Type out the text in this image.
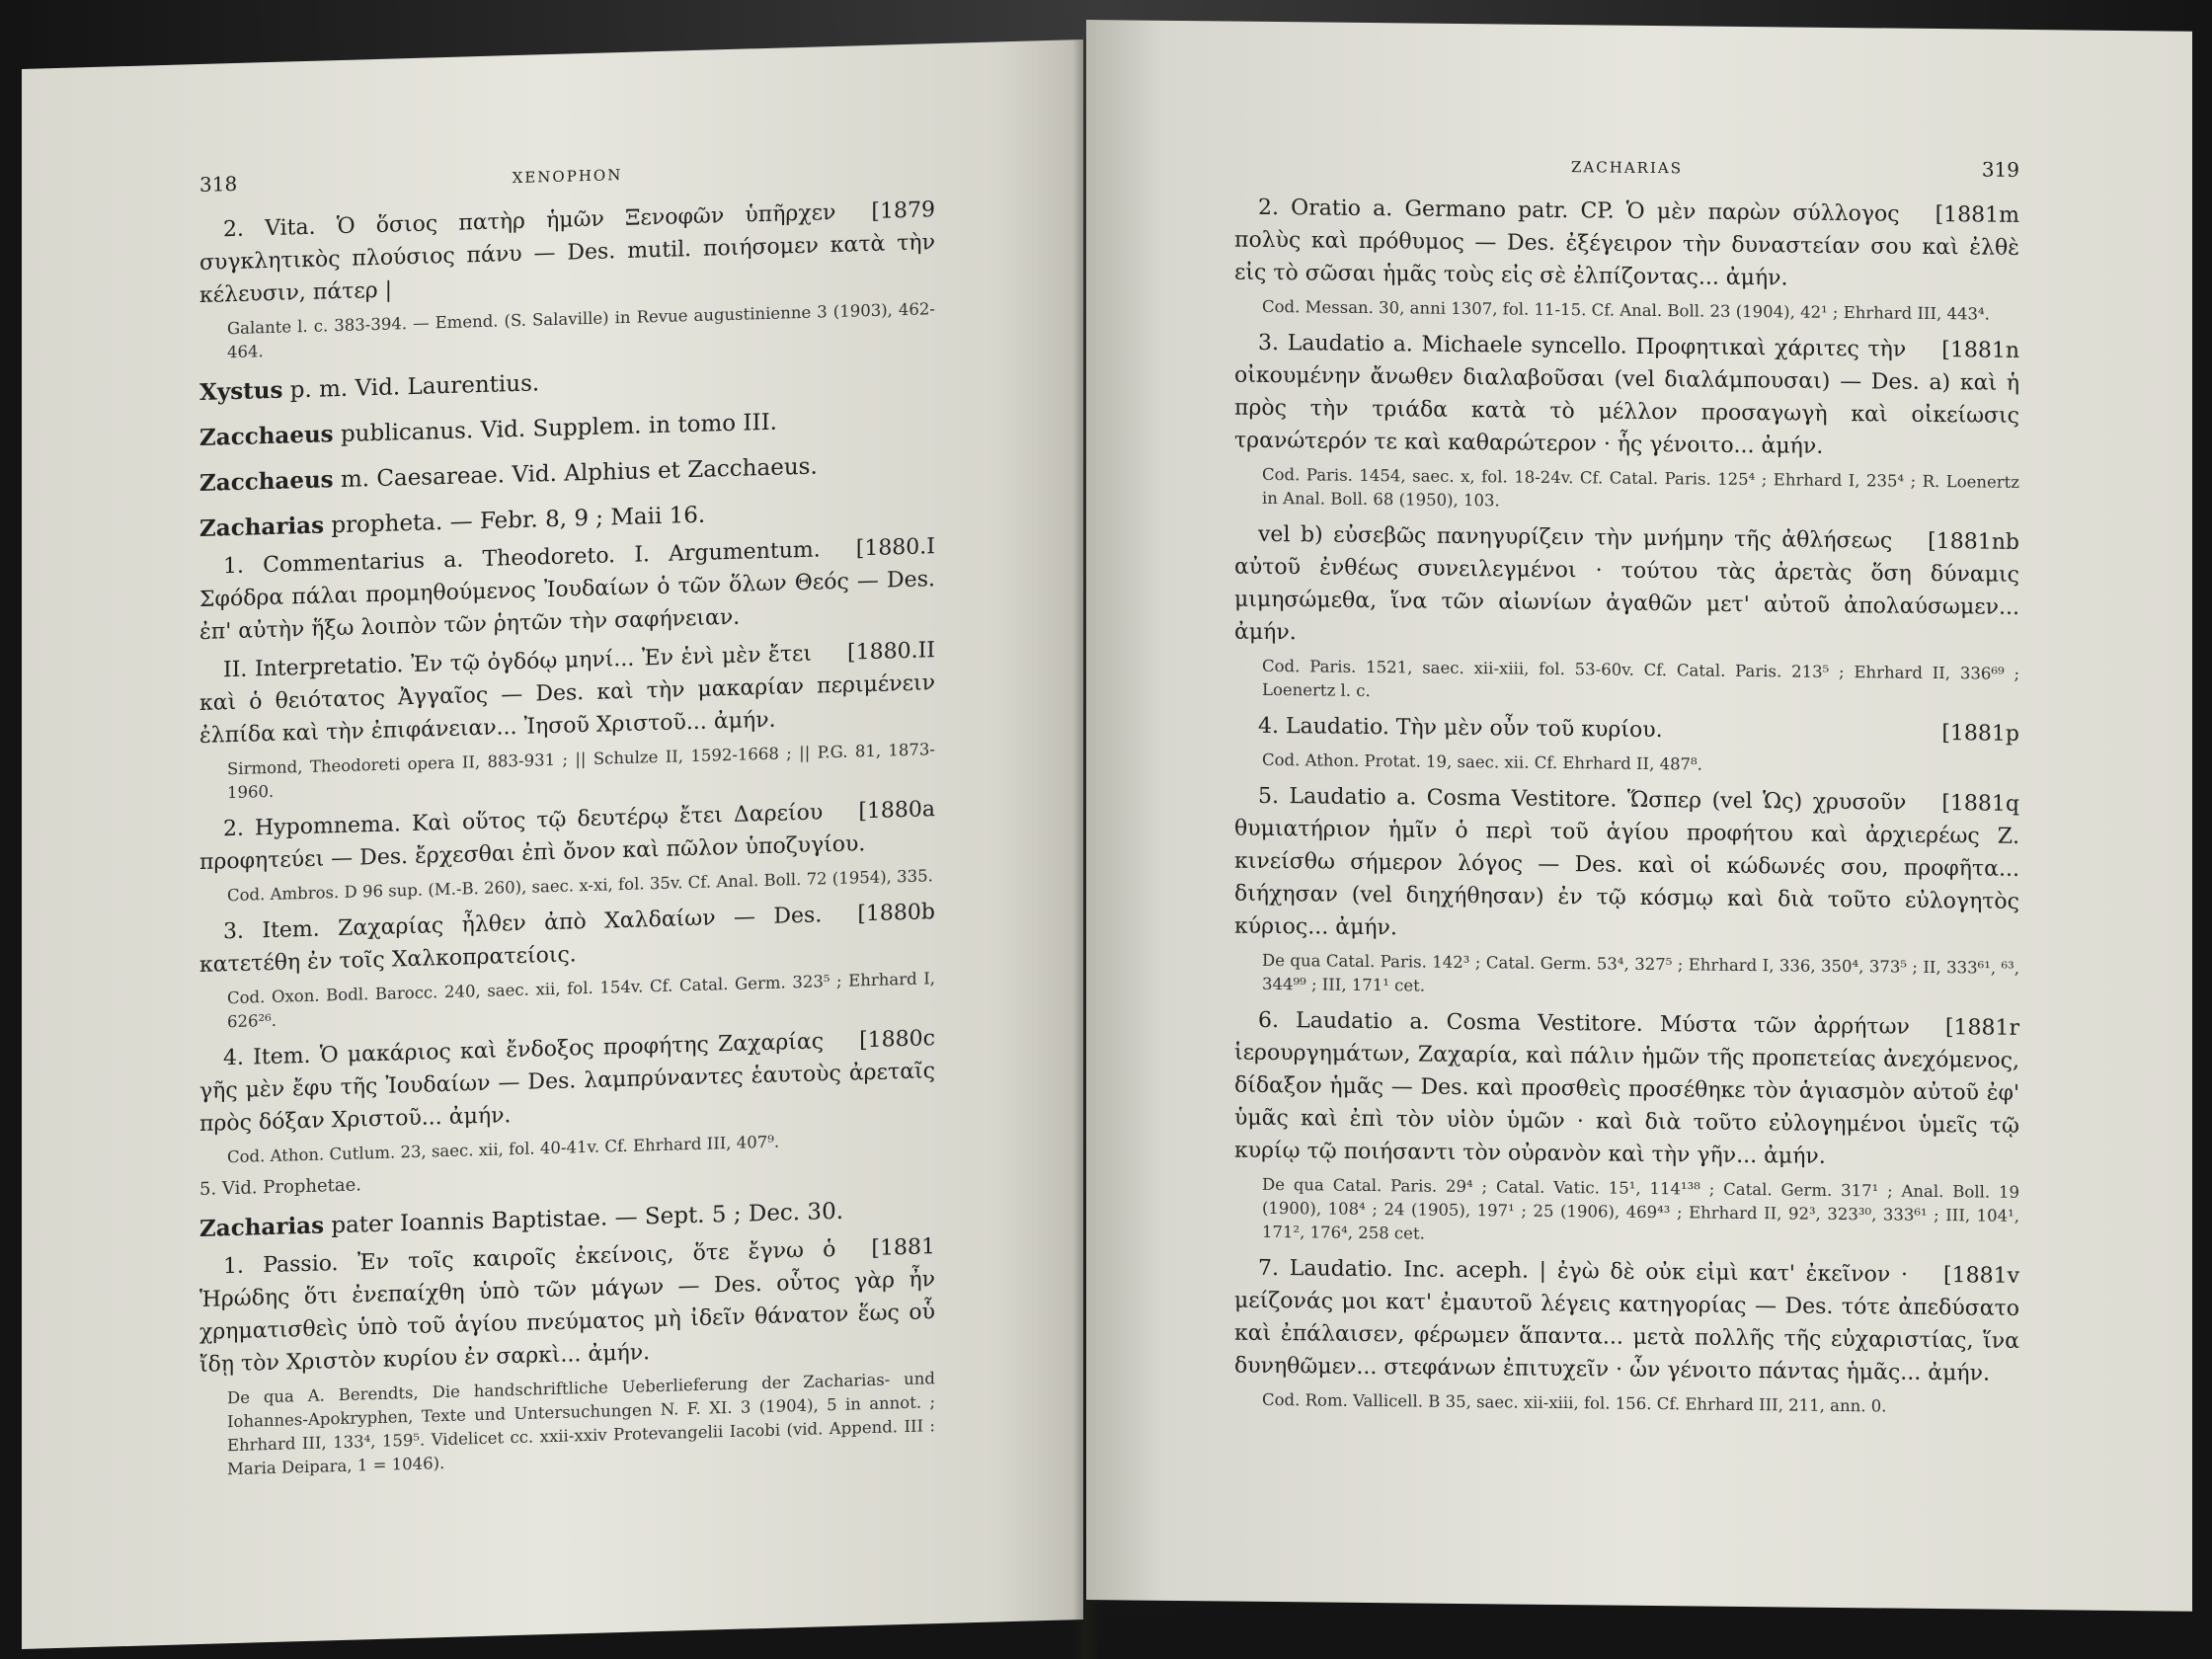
318	XENOPHON
[1879
2. Vita. Ὁ ὅσιος πατὴρ ἡμῶν Ξενοφῶν ὑπῆρχεν συγκλητικὸς πλούσιος πάνυ — Des. mutil. ποιήσομεν κατὰ τὴν κέλευσιν, πάτερ |
Galante l. c. 383-394. — Emend. (S. Salaville) in Revue augustinienne 3 (1903), 462-464.
Xystus p. m. Vid. Laurentius.
Zacchaeus publicanus. Vid. Supplem. in tomo III.
Zacchaeus m. Caesareae. Vid. Alphius et Zacchaeus.
Zacharias propheta. — Febr. 8, 9 ; Maii 16.
[1880.I
1. Commentarius a. Theodoreto. I. Argumentum. Σφόδρα πάλαι προμηθούμενος Ἰουδαίων ὁ τῶν ὅλων Θεός — Des. ἐπ' αὐτὴν ἥξω λοιπὸν τῶν ῥητῶν τὴν σαφήνειαν.
[1880.II
II. Interpretatio. Ἐν τῷ ὀγδόῳ μηνί... Ἐν ἑνὶ μὲν ἔτει καὶ ὁ θειότατος Ἀγγαῖος — Des. καὶ τὴν μακαρίαν περιμένειν ἐλπίδα καὶ τὴν ἐπιφάνειαν... Ἰησοῦ Χριστοῦ... ἀμήν.
Sirmond, Theodoreti opera II, 883-931 ; || Schulze II, 1592-1668 ; || P.G. 81, 1873-1960.
[1880a
2. Hypomnema. Καὶ οὕτος τῷ δευτέρῳ ἔτει Δαρείου προφητεύει — Des. ἔρχεσθαι ἐπὶ ὄνον καὶ πῶλον ὑποζυγίου.
Cod. Ambros. D 96 sup. (M.-B. 260), saec. x-xi, fol. 35v. Cf. Anal. Boll. 72 (1954), 335.
[1880b
3. Item. Ζαχαρίας ἦλθεν ἀπὸ Χαλδαίων — Des. κατετέθη ἐν τοῖς Χαλκοπρατείοις.
Cod. Oxon. Bodl. Barocc. 240, saec. xii, fol. 154v. Cf. Catal. Germ. 323⁵ ; Ehrhard I, 626²⁶.
[1880c
4. Item. Ὁ μακάριος καὶ ἔνδοξος προφήτης Ζαχαρίας γῆς μὲν ἔφυ τῆς Ἰουδαίων — Des. λαμπρύναντες ἑαυτοὺς ἀρεταῖς πρὸς δόξαν Χριστοῦ... ἀμήν.
Cod. Athon. Cutlum. 23, saec. xii, fol. 40-41v. Cf. Ehrhard III, 407⁹.
5. Vid. Prophetae.
Zacharias pater Ioannis Baptistae. — Sept. 5 ; Dec. 30.
[1881
1. Passio. Ἐν τοῖς καιροῖς ἐκείνοις, ὅτε ἔγνω ὁ Ἡρώδης ὅτι ἐνεπαίχθη ὑπὸ τῶν μάγων — Des. οὗτος γὰρ ἦν χρηματισθεὶς ὑπὸ τοῦ ἁγίου πνεύματος μὴ ἰδεῖν θάνατον ἕως οὗ ἴδῃ τὸν Χριστὸν κυρίου ἐν σαρκὶ... ἀμήν.
De qua A. Berendts, Die handschriftliche Ueberlieferung der Zacharias- und Iohannes-Apokryphen, Texte und Untersuchungen N. F. XI. 3 (1904), 5 in annot. ; Ehrhard III, 133⁴, 159⁵. Videlicet cc. xxii-xxiv Protevangelii Iacobi (vid. Append. III : Maria Deipara, 1 = 1046).
ZACHARIAS	319
[1881m
2. Oratio a. Germano patr. CP. Ὁ μὲν παρὼν σύλλογος πολὺς καὶ πρόθυμος — Des. ἐξέγειρον τὴν δυναστείαν σου καὶ ἐλθὲ εἰς τὸ σῶσαι ἡμᾶς τοὺς εἰς σὲ ἐλπίζοντας... ἀμήν.
Cod. Messan. 30, anni 1307, fol. 11-15. Cf. Anal. Boll. 23 (1904), 42¹ ; Ehrhard III, 443⁴.
[1881n
3. Laudatio a. Michaele syncello. Προφητικαὶ χάριτες τὴν οἰκουμένην ἄνωθεν διαλαβοῦσαι (vel διαλάμπουσαι) — Des. a) καὶ ἡ πρὸς τὴν τριάδα κατὰ τὸ μέλλον προσαγωγὴ καὶ οἰκείωσις τρανώτερόν τε καὶ καθαρώτερον · ἧς γένοιτο... ἀμήν.
Cod. Paris. 1454, saec. x, fol. 18-24v. Cf. Catal. Paris. 125⁴ ; Ehrhard I, 235⁴ ; R. Loenertz in Anal. Boll. 68 (1950), 103.
[1881nb
vel b) εὐσεβῶς πανηγυρίζειν τὴν μνήμην τῆς ἀθλήσεως αὐτοῦ ἐνθέως συνειλεγμένοι · τούτου τὰς ἀρετὰς ὅση δύναμις μιμησώμεθα, ἵνα τῶν αἰωνίων ἀγαθῶν μετ' αὐτοῦ ἀπολαύσωμεν... ἀμήν.
Cod. Paris. 1521, saec. xii-xiii, fol. 53-60v. Cf. Catal. Paris. 213⁵ ; Ehrhard II, 336⁶⁹ ; Loenertz l. c.
[1881p
4. Laudatio. Τὴν μὲν οὖν τοῦ κυρίου.
Cod. Athon. Protat. 19, saec. xii. Cf. Ehrhard II, 487⁸.
[1881q
5. Laudatio a. Cosma Vestitore. Ὥσπερ (vel Ὡς) χρυσοῦν θυμιατήριον ἡμῖν ὁ περὶ τοῦ ἁγίου προφήτου καὶ ἀρχιερέως Ζ. κινείσθω σήμερον λόγος — Des. καὶ οἱ κώδωνές σου, προφῆτα... διήχησαν (vel διηχήθησαν) ἐν τῷ κόσμῳ καὶ διὰ τοῦτο εὐλογητὸς κύριος... ἀμήν.
De qua Catal. Paris. 142³ ; Catal. Germ. 53⁴, 327⁵ ; Ehrhard I, 336, 350⁴, 373⁵ ; II, 333⁶¹, ⁶³, 344⁹⁹ ; III, 171¹ cet.
[1881r
6. Laudatio a. Cosma Vestitore. Μύστα τῶν ἀρρήτων ἱερουργημάτων, Ζαχαρία, καὶ πάλιν ἡμῶν τῆς προπετείας ἀνεχόμενος, δίδαξον ἡμᾶς — Des. καὶ προσθεὶς προσέθηκε τὸν ἁγιασμὸν αὐτοῦ ἐφ' ὑμᾶς καὶ ἐπὶ τὸν υἱὸν ὑμῶν · καὶ διὰ τοῦτο εὐλογημένοι ὑμεῖς τῷ κυρίῳ τῷ ποιήσαντι τὸν οὐρανὸν καὶ τὴν γῆν... ἀμήν.
De qua Catal. Paris. 29⁴ ; Catal. Vatic. 15¹, 114¹³⁸ ; Catal. Germ. 317¹ ; Anal. Boll. 19 (1900), 108⁴ ; 24 (1905), 197¹ ; 25 (1906), 469⁴³ ; Ehrhard II, 92³, 323³⁰, 333⁶¹ ; III, 104¹, 171², 176⁴, 258 cet.
[1881v
7. Laudatio. Inc. aceph. | ἐγὼ δὲ οὐκ εἰμὶ κατ' ἐκεῖνον · μείζονάς μοι κατ' ἐμαυτοῦ λέγεις κατηγορίας — Des. τότε ἀπεδύσατο καὶ ἐπάλαισεν, φέρωμεν ἅπαντα... μετὰ πολλῆς τῆς εὐχαριστίας, ἵνα δυνηθῶμεν... στεφάνων ἐπιτυχεῖν · ὧν γένοιτο πάντας ἡμᾶς... ἀμήν.
Cod. Rom. Vallicell. B 35, saec. xii-xiii, fol. 156. Cf. Ehrhard III, 211, ann. 0.
